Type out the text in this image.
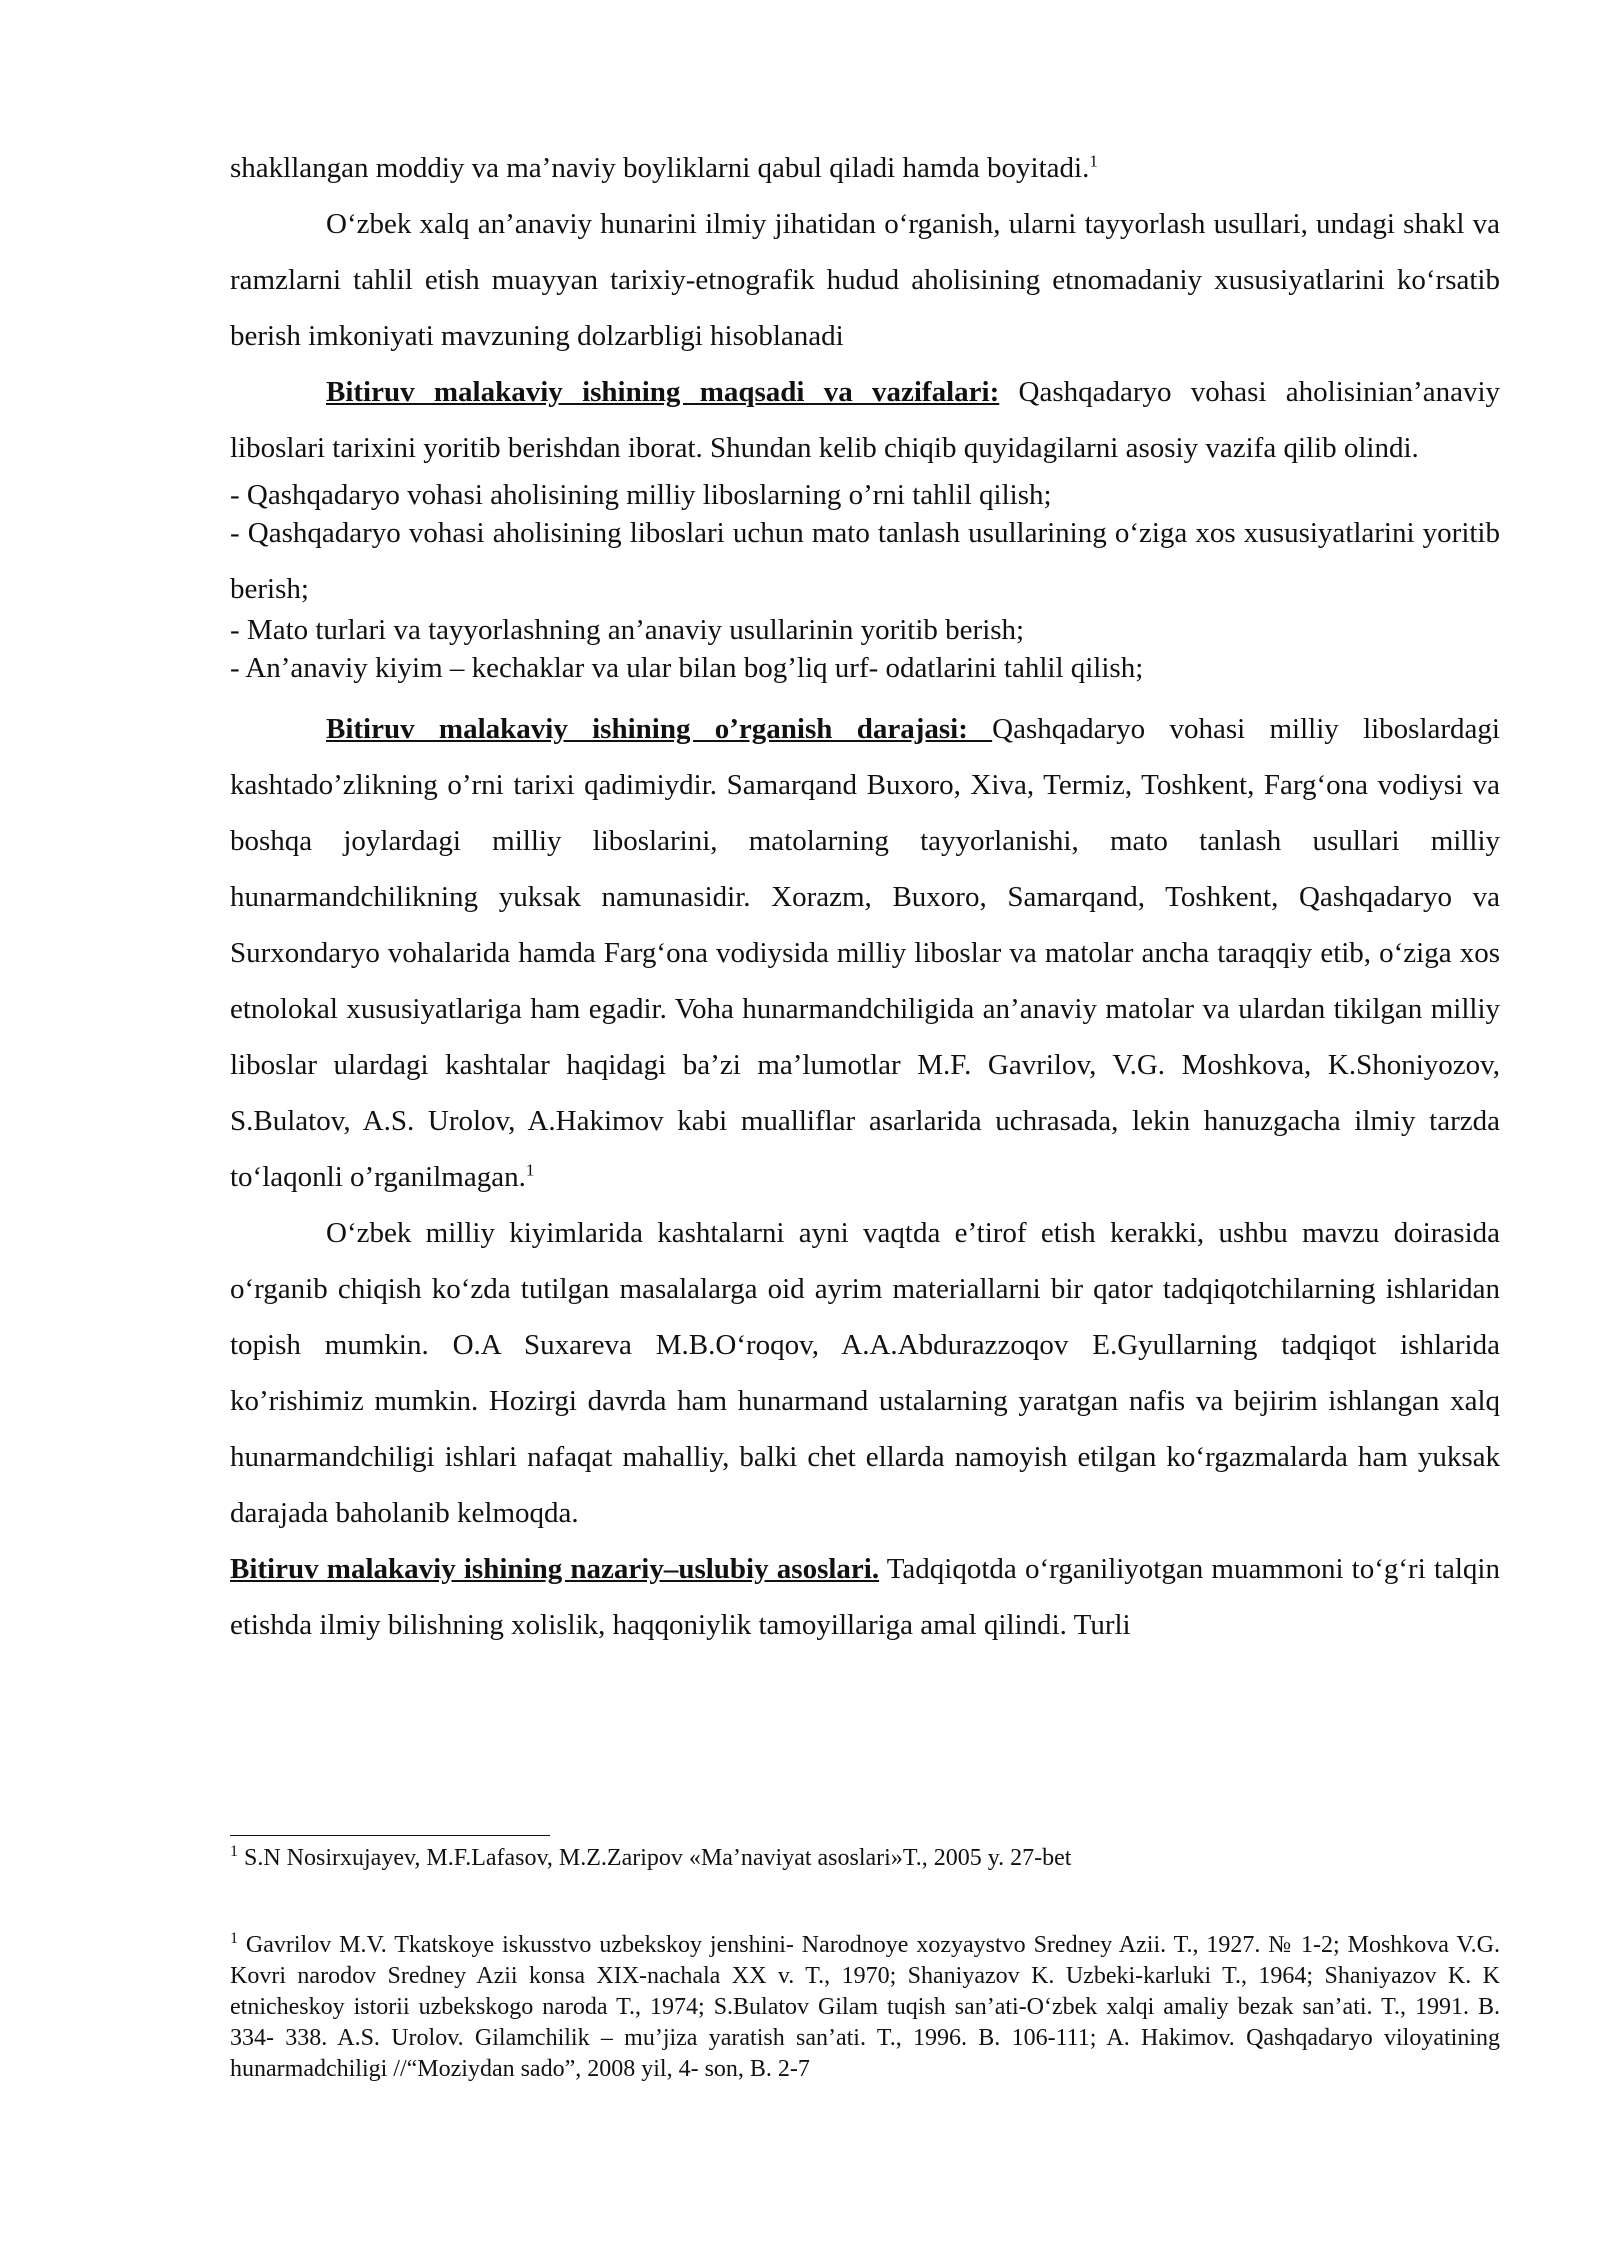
shakllangan moddiy va ma’naviy boyliklarni qabul qiladi hamda boyitadi.$^1$

O‘zbek xalq an’anaviy hunarini ilmiy jihatidan o‘rganish, ularni tayyorlash usullari, undagi shakl va ramzlarni tahlil etish muayyan tarixiy-etnografik hudud aholisining etnomadaniy xususiyatlarini ko‘rsatib berish imkoniyati mavzuning dolzarbligi hisoblanadi

Bitiruv malakaviy ishining maqsadi va vazifalari: Qashqadaryo vohasi aholisinian’anaviy liboslari tarixini yoritib berishdan iborat. Shundan kelib chiqib quyidagilarni asosiy vazifa qilib olindi.

- Qashqadaryo vohasi aholisining milliy liboslarning o’rni tahlil qilish;

- Qashqadaryo vohasi aholisining liboslari uchun mato tanlash usullarining o‘ziga xos xususiyatlarini yoritib berish;

- Mato turlari va tayyorlashning an’anaviy usullarinin yoritib berish;

- An’anaviy kiyim – kechaklar va ular bilan bog’liq urf- odatlarini tahlil qilish;

Bitiruv malakaviy ishining o’rganish darajasi: Qashqadaryo vohasi milliy liboslardagi kashtado’zlikning o’rni tarixi qadimiydir. Samarqand Buxoro, Xiva, Termiz, Toshkent, Farg‘ona vodiysi va boshqa joylardagi milliy liboslarini, matolarning tayyorlanishi, mato tanlash usullari milliy hunarmandchilikning yuksak namunasidir. Xorazm, Buxoro, Samarqand, Toshkent, Qashqadaryo va Surxondaryo vohalarida hamda Farg‘ona vodiysida milliy liboslar va matolar ancha taraqqiy etib, o‘ziga xos etnolokal xususiyatlariga ham egadir. Voha hunarmandchiligida an’anaviy matolar va ulardan tikilgan milliy liboslar ulardagi kashtalar haqidagi ba’zi ma’lumotlar M.F. Gavrilov, V.G. Moshkova, K.Shoniyozov, S.Bulatov, A.S. Urolov, A.Hakimov kabi mualliflar asarlarida uchrasada, lekin hanuzgacha ilmiy tarzda to‘laqonli o’rganilmagan.$^1$

O‘zbek milliy kiyimlarida kashtalarni ayni vaqtda e’tirof etish kerakki, ushbu mavzu doirasida o‘rganib chiqish ko‘zda tutilgan masalalarga oid ayrim materiallarni bir qator tadqiqotchilarning ishlaridan topish mumkin. O.A Suxareva M.B.O‘roqov, A.A.Abdurazzoqov E.Gyullarning tadqiqot ishlarida ko’rishimiz mumkin. Hozirgi davrda ham hunarmand ustalarning yaratgan nafis va bejirim ishlangan xalq hunarmandchiligi ishlari nafaqat mahalliy, balki chet ellarda namoyish etilgan ko‘rgazmalarda ham yuksak darajada baholanib kelmoqda.

Bitiruv malakaviy ishining nazariy–uslubiy asoslari. Tadqiqotda o‘rganiliyotgan muammoni to‘g‘ri talqin etishda ilmiy bilishning xolislik, haqqoniylik tamoyillariga amal qilindi. Turli

$^1$ S.N Nosirxujayev, M.F.Lafasov, M.Z.Zaripov «Ma’naviyat asoslari»T., 2005 y. 27-bet
$^1$ Gavrilov M.V. Tkatskoye iskusstvo uzbekskoy jenshini- Narodnoye xozyaystvo Sredney Azii. T., 1927. № 1-2; Moshkova V.G. Kovri narodov Sredney Azii konsa XIX-nachala XX v. T., 1970; Shaniyazov K. Uzbeki-karluki T., 1964; Shaniyazov K. K etnicheskoy istorii uzbekskogo naroda T., 1974; S.Bulatov Gilam tuqish san’ati-O‘zbek xalqi amaliy bezak san’ati. T., 1991. B. 334- 338. A.S. Urolov. Gilamchilik – mu’jiza yaratish san’ati. T., 1996. B. 106-111; A. Hakimov. Qashqadaryo viloyatining hunarmadchiligi //“Moziydan sado”, 2008 yil, 4- son, B. 2-7
